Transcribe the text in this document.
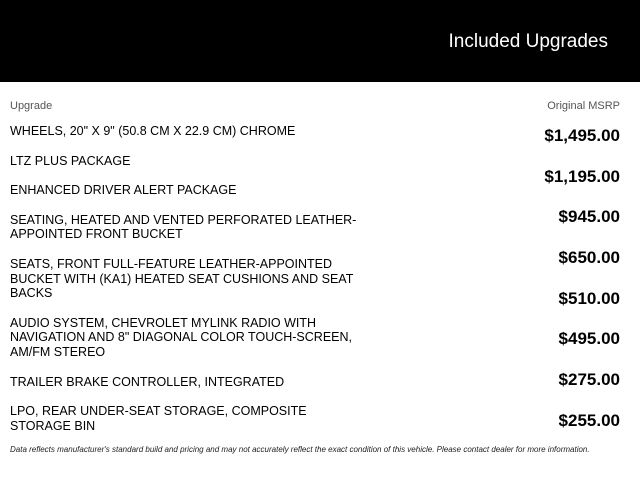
Included Upgrades
Upgrade	Original MSRP
WHEELS, 20" X 9" (50.8 CM X 22.9 CM) CHROME
LTZ PLUS PACKAGE
ENHANCED DRIVER ALERT PACKAGE
SEATING, HEATED AND VENTED PERFORATED LEATHER-APPOINTED FRONT BUCKET
SEATS, FRONT FULL-FEATURE LEATHER-APPOINTED BUCKET WITH (KA1) HEATED SEAT CUSHIONS AND SEAT BACKS
AUDIO SYSTEM, CHEVROLET MYLINK RADIO WITH NAVIGATION AND 8" DIAGONAL COLOR TOUCH-SCREEN, AM/FM STEREO
TRAILER BRAKE CONTROLLER, INTEGRATED
LPO, REAR UNDER-SEAT STORAGE, COMPOSITE STORAGE BIN
$1,495.00
$1,195.00
$945.00
$650.00
$510.00
$495.00
$275.00
$255.00
Data reflects manufacturer's standard build and pricing and may not accurately reflect the exact condition of this vehicle. Please contact dealer for more information.
